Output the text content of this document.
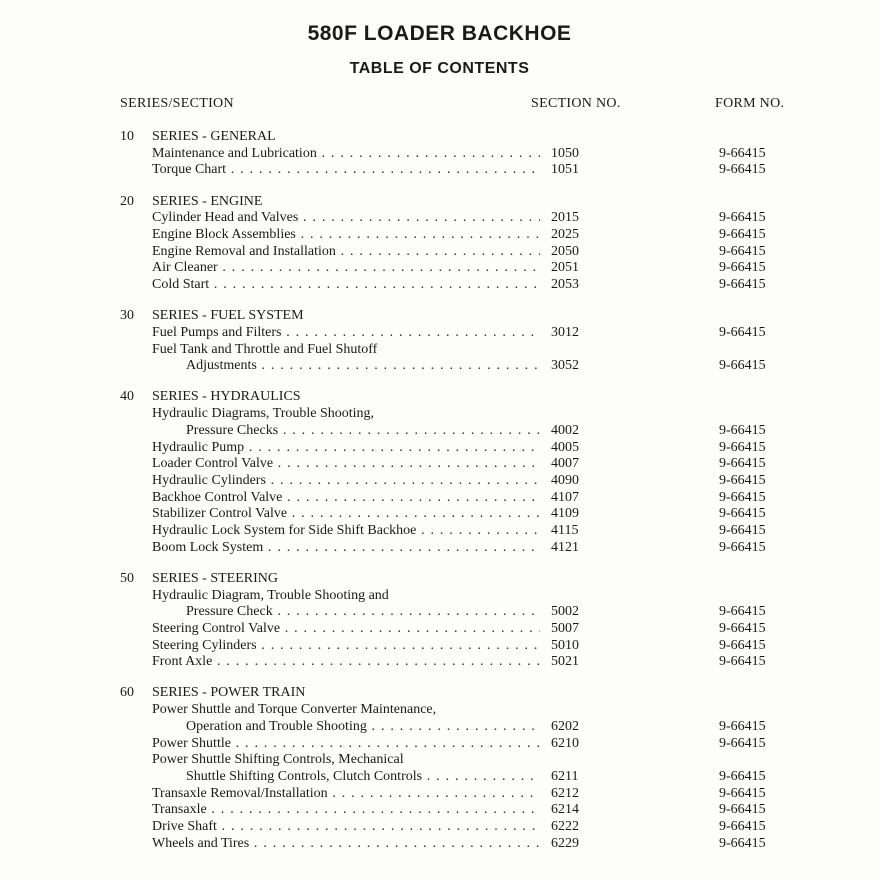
580F LOADER BACKHOE
TABLE OF CONTENTS
SERIES/SECTION	SECTION NO.	FORM NO.
10 SERIES - GENERAL
Maintenance and Lubrication . . .	1050	9-66415
Torque Chart . . .	1051	9-66415
20 SERIES - ENGINE
Cylinder Head and Valves . . .	2015	9-66415
Engine Block Assemblies . . .	2025	9-66415
Engine Removal and Installation . . .	2050	9-66415
Air Cleaner . . .	2051	9-66415
Cold Start . . .	2053	9-66415
30 SERIES - FUEL SYSTEM
Fuel Pumps and Filters . . .	3012	9-66415
Fuel Tank and Throttle and Fuel Shutoff
Adjustments . . .	3052	9-66415
40 SERIES - HYDRAULICS
Hydraulic Diagrams, Trouble Shooting,
Pressure Checks . . .	4002	9-66415
Hydraulic Pump . . .	4005	9-66415
Loader Control Valve . . .	4007	9-66415
Hydraulic Cylinders . . .	4090	9-66415
Backhoe Control Valve . . .	4107	9-66415
Stabilizer Control Valve . . .	4109	9-66415
Hydraulic Lock System for Side Shift Backhoe . . .	4115	9-66415
Boom Lock System . . .	4121	9-66415
50 SERIES - STEERING
Hydraulic Diagram, Trouble Shooting and
Pressure Check . . .	5002	9-66415
Steering Control Valve . . .	5007	9-66415
Steering Cylinders . . .	5010	9-66415
Front Axle . . .	5021	9-66415
60 SERIES - POWER TRAIN
Power Shuttle and Torque Converter Maintenance,
Operation and Trouble Shooting . . .	6202	9-66415
Power Shuttle . . .	6210	9-66415
Power Shuttle Shifting Controls, Mechanical
Shuttle Shifting Controls, Clutch Controls . . .	6211	9-66415
Transaxle Removal/Installation . . .	6212	9-66415
Transaxle . . .	6214	9-66415
Drive Shaft . . .	6222	9-66415
Wheels and Tires . . .	6229	9-66415
